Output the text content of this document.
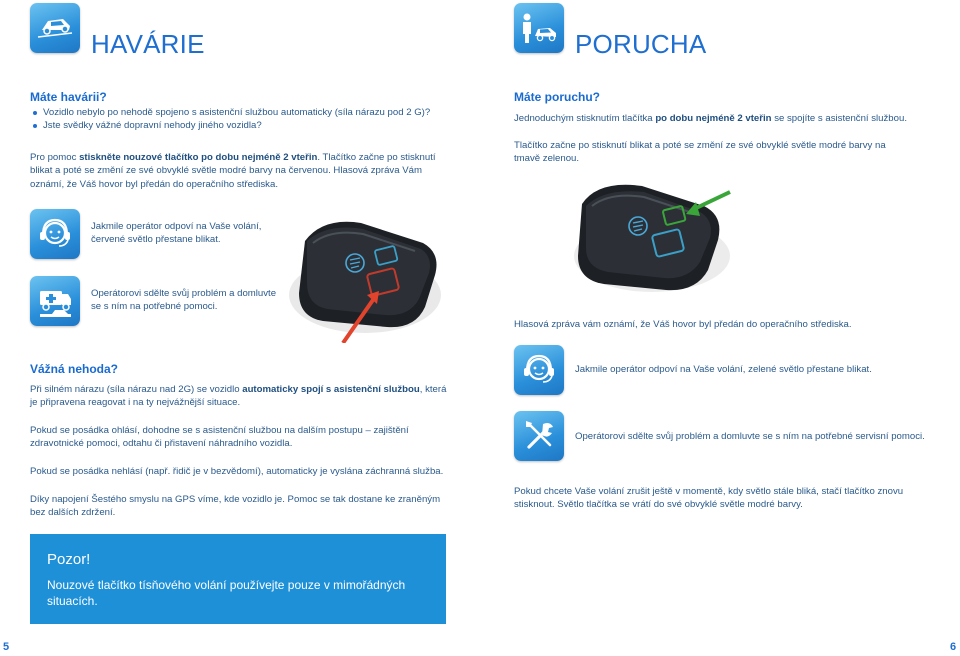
HAVÁRIE
Máte havárii?
Vozidlo nebylo po nehodě spojeno s asistenční službou automaticky (síla nárazu pod 2 G)?
Jste svědky vážné dopravní nehody jiného vozidla?
Pro pomoc stiskněte nouzové tlačítko po dobu nejméně 2 vteřin. Tlačítko začne po stisknutí blikat a poté se změní ze své obvyklé světle modré barvy na červenou. Hlasová zpráva Vám oznámí, že Váš hovor byl předán do operačního střediska.
Jakmile operátor odpoví na Vaše volání, červené světlo přestane blikat.
Operátorovi sdělte svůj problém a domluvte se s ním na potřebné pomoci.
Vážná nehoda?
Při silném nárazu (síla nárazu nad 2G) se vozidlo automaticky spojí s asistenční službou, která je připravena reagovat i na ty nejvážnější situace.
Pokud se posádka ohlásí, dohodne se s asistenční službou na dalším postupu – zajištění zdravotnické pomoci, odtahu či přistavení náhradního vozidla.
Pokud se posádka nehlásí (např. řidič je v bezvědomí), automaticky je vyslána záchranná služba.
Díky napojení Šestého smyslu na GPS víme, kde vozidlo je. Pomoc se tak dostane ke zraněným bez dalších zdržení.
Pozor!
Nouzové tlačítko tísňového volání používejte pouze v mimořádných situacích.
5
PORUCHA
Máte poruchu?
Jednoduchým stisknutím tlačítka po dobu nejméně 2 vteřin se spojíte s asistenční službou.
Tlačítko začne po stisknutí blikat a poté se změní ze své obvyklé světle modré barvy na tmavě zelenou.
Hlasová zpráva vám oznámí, že Váš hovor byl předán do operačního střediska.
Jakmile operátor odpoví na Vaše volání, zelené světlo přestane blikat.
Operátorovi sdělte svůj problém a domluvte se s ním na potřebné servisní pomoci.
Pokud chcete Vaše volání zrušit ještě v momentě, kdy světlo stále bliká, stačí tlačítko znovu stisknout. Světlo tlačítka se vrátí do své obvyklé světle modré barvy.
6
